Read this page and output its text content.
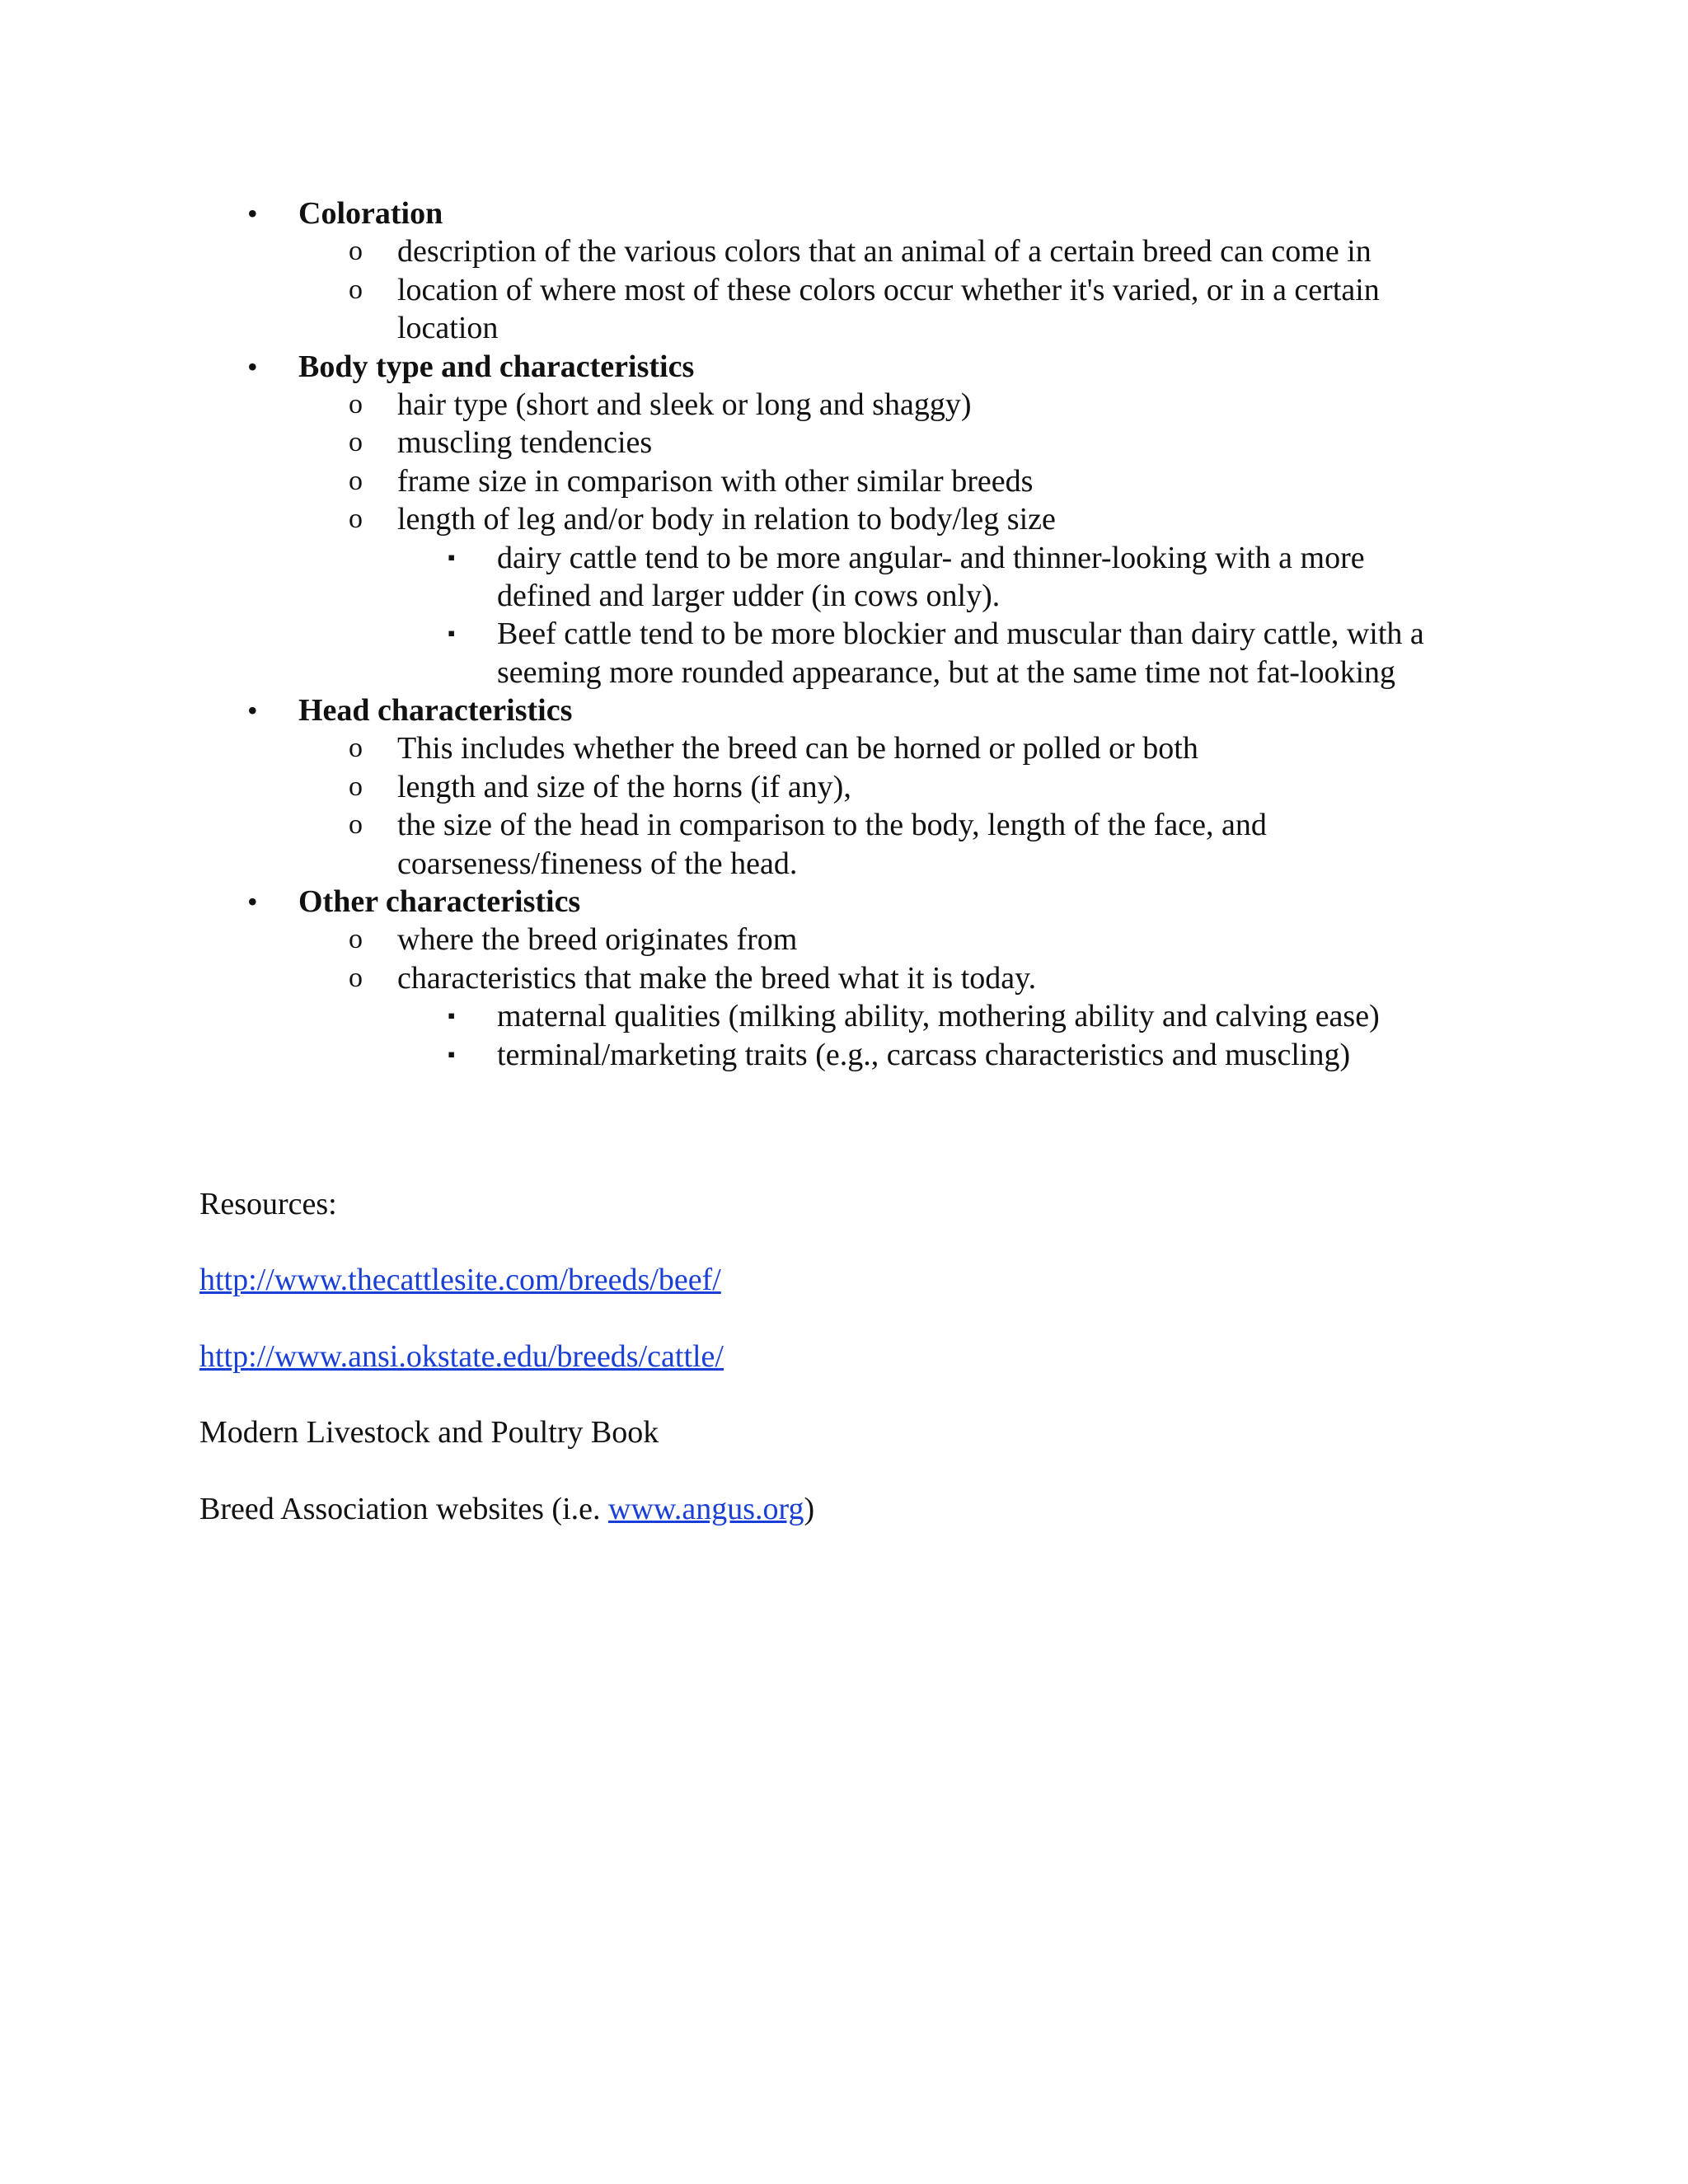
• Coloration
o description of the various colors that an animal of a certain breed can come in
o location of where most of these colors occur whether it's varied, or in a certain
location
• Body type and characteristics
o hair type (short and sleek or long and shaggy)
o muscling tendencies
o frame size in comparison with other similar breeds
o length of leg and/or body in relation to body/leg size
▪ dairy cattle tend to be more angular- and thinner-looking with a more
defined and larger udder (in cows only).
▪ Beef cattle tend to be more blockier and muscular than dairy cattle, with a
seeming more rounded appearance, but at the same time not fat-looking
• Head characteristics
o This includes whether the breed can be horned or polled or both
o length and size of the horns (if any),
o the size of the head in comparison to the body, length of the face, and
coarseness/fineness of the head.
• Other characteristics
o where the breed originates from
o characteristics that make the breed what it is today.
▪ maternal qualities (milking ability, mothering ability and calving ease)
▪ terminal/marketing traits (e.g., carcass characteristics and muscling)
Resources:
http://www.thecattlesite.com/breeds/beef/
http://www.ansi.okstate.edu/breeds/cattle/
Modern Livestock and Poultry Book
Breed Association websites (i.e. www.angus.org)
